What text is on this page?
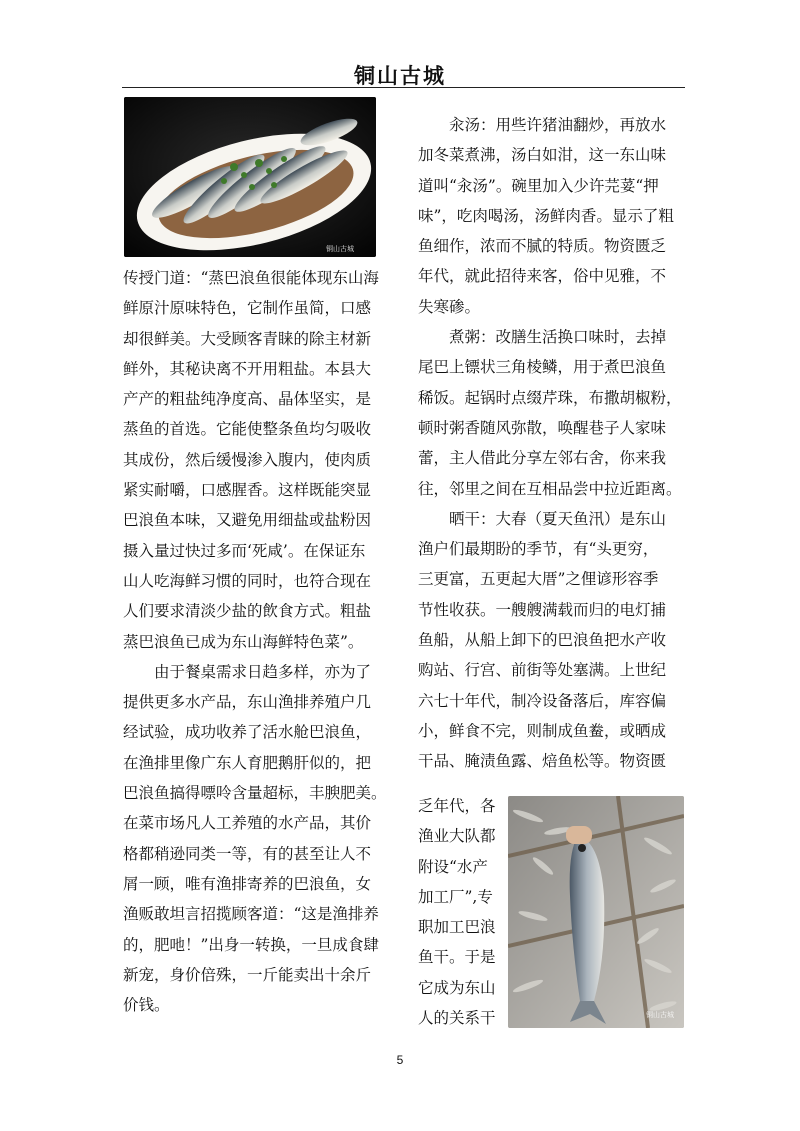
铜山古城
铜山古城
传授门道：“蒸巴浪鱼很能体现东山海
鲜原汁原味特色，它制作虽简，口感
却很鲜美。大受顾客青睐的除主材新
鲜外，其秘诀离不开用粗盐。本县大
产产的粗盐纯净度高、晶体坚实，是
蒸鱼的首选。它能使整条鱼均匀吸收
其成份，然后缓慢渗入腹内，使肉质
紧实耐嚼，口感腥香。这样既能突显
巴浪鱼本味，又避免用细盐或盐粉因
摄入量过快过多而‘死咸’。在保证东
山人吃海鲜习惯的同时，也符合现在
人们要求清淡少盐的飲食方式。粗盐
蒸巴浪鱼已成为东山海鲜特色菜”。
由于餐桌需求日趋多样，亦为了
提供更多水产品，东山渔排养殖户几
经试验，成功收养了活水舱巴浪鱼，
在渔排里像广东人育肥鹅肝似的，把
巴浪鱼搞得嘌呤含量超标，丰腴肥美。
在菜市场凡人工养殖的水产品，其价
格都稍逊同类一等，有的甚至让人不
屑一顾，唯有渔排寄养的巴浪鱼，女
渔贩敢坦言招揽顾客道：“这是渔排养
的，肥吔！”出身一转换，一旦成食肆
新宠，身价倍殊，一斤能卖出十余斤
价钱。
汆汤：用些许猪油翻炒，再放水
加冬菜煮沸，汤白如泔，这一东山味
道叫“汆汤”。碗里加入少许芫荽“押
味”，吃肉喝汤，汤鲜肉香。显示了粗
鱼细作，浓而不腻的特质。物资匮乏
年代，就此招待来客，俗中见雅，不
失寒碜。
煮粥：改膳生活换口味时，去掉
尾巴上镖状三角棱鳞，用于煮巴浪鱼
稀饭。起锅时点缀芹珠，布撒胡椒粉，
顿时粥香随风弥散，唤醒巷子人家味
蕾，主人借此分享左邻右舍，你来我
往，邻里之间在互相品尝中拉近距离。
晒干：大春（夏天鱼汛）是东山
渔户们最期盼的季节，有“头更穷，
三更富，五更起大厝”之俚谚形容季
节性收获。一艘艘满载而归的电灯捕
鱼船，从船上卸下的巴浪鱼把水产收
购站、行宫、前街等处塞满。上世纪
六七十年代，制冷设备落后，库容偏
小，鲜食不完，则制成鱼鲞，或晒成
干品、腌渍鱼露、焙鱼松等。物资匮
乏年代，各
渔业大队都
附设“水产
加工厂”,专
职加工巴浪
鱼干。于是
它成为东山
人的关系干	铜山古城
5
